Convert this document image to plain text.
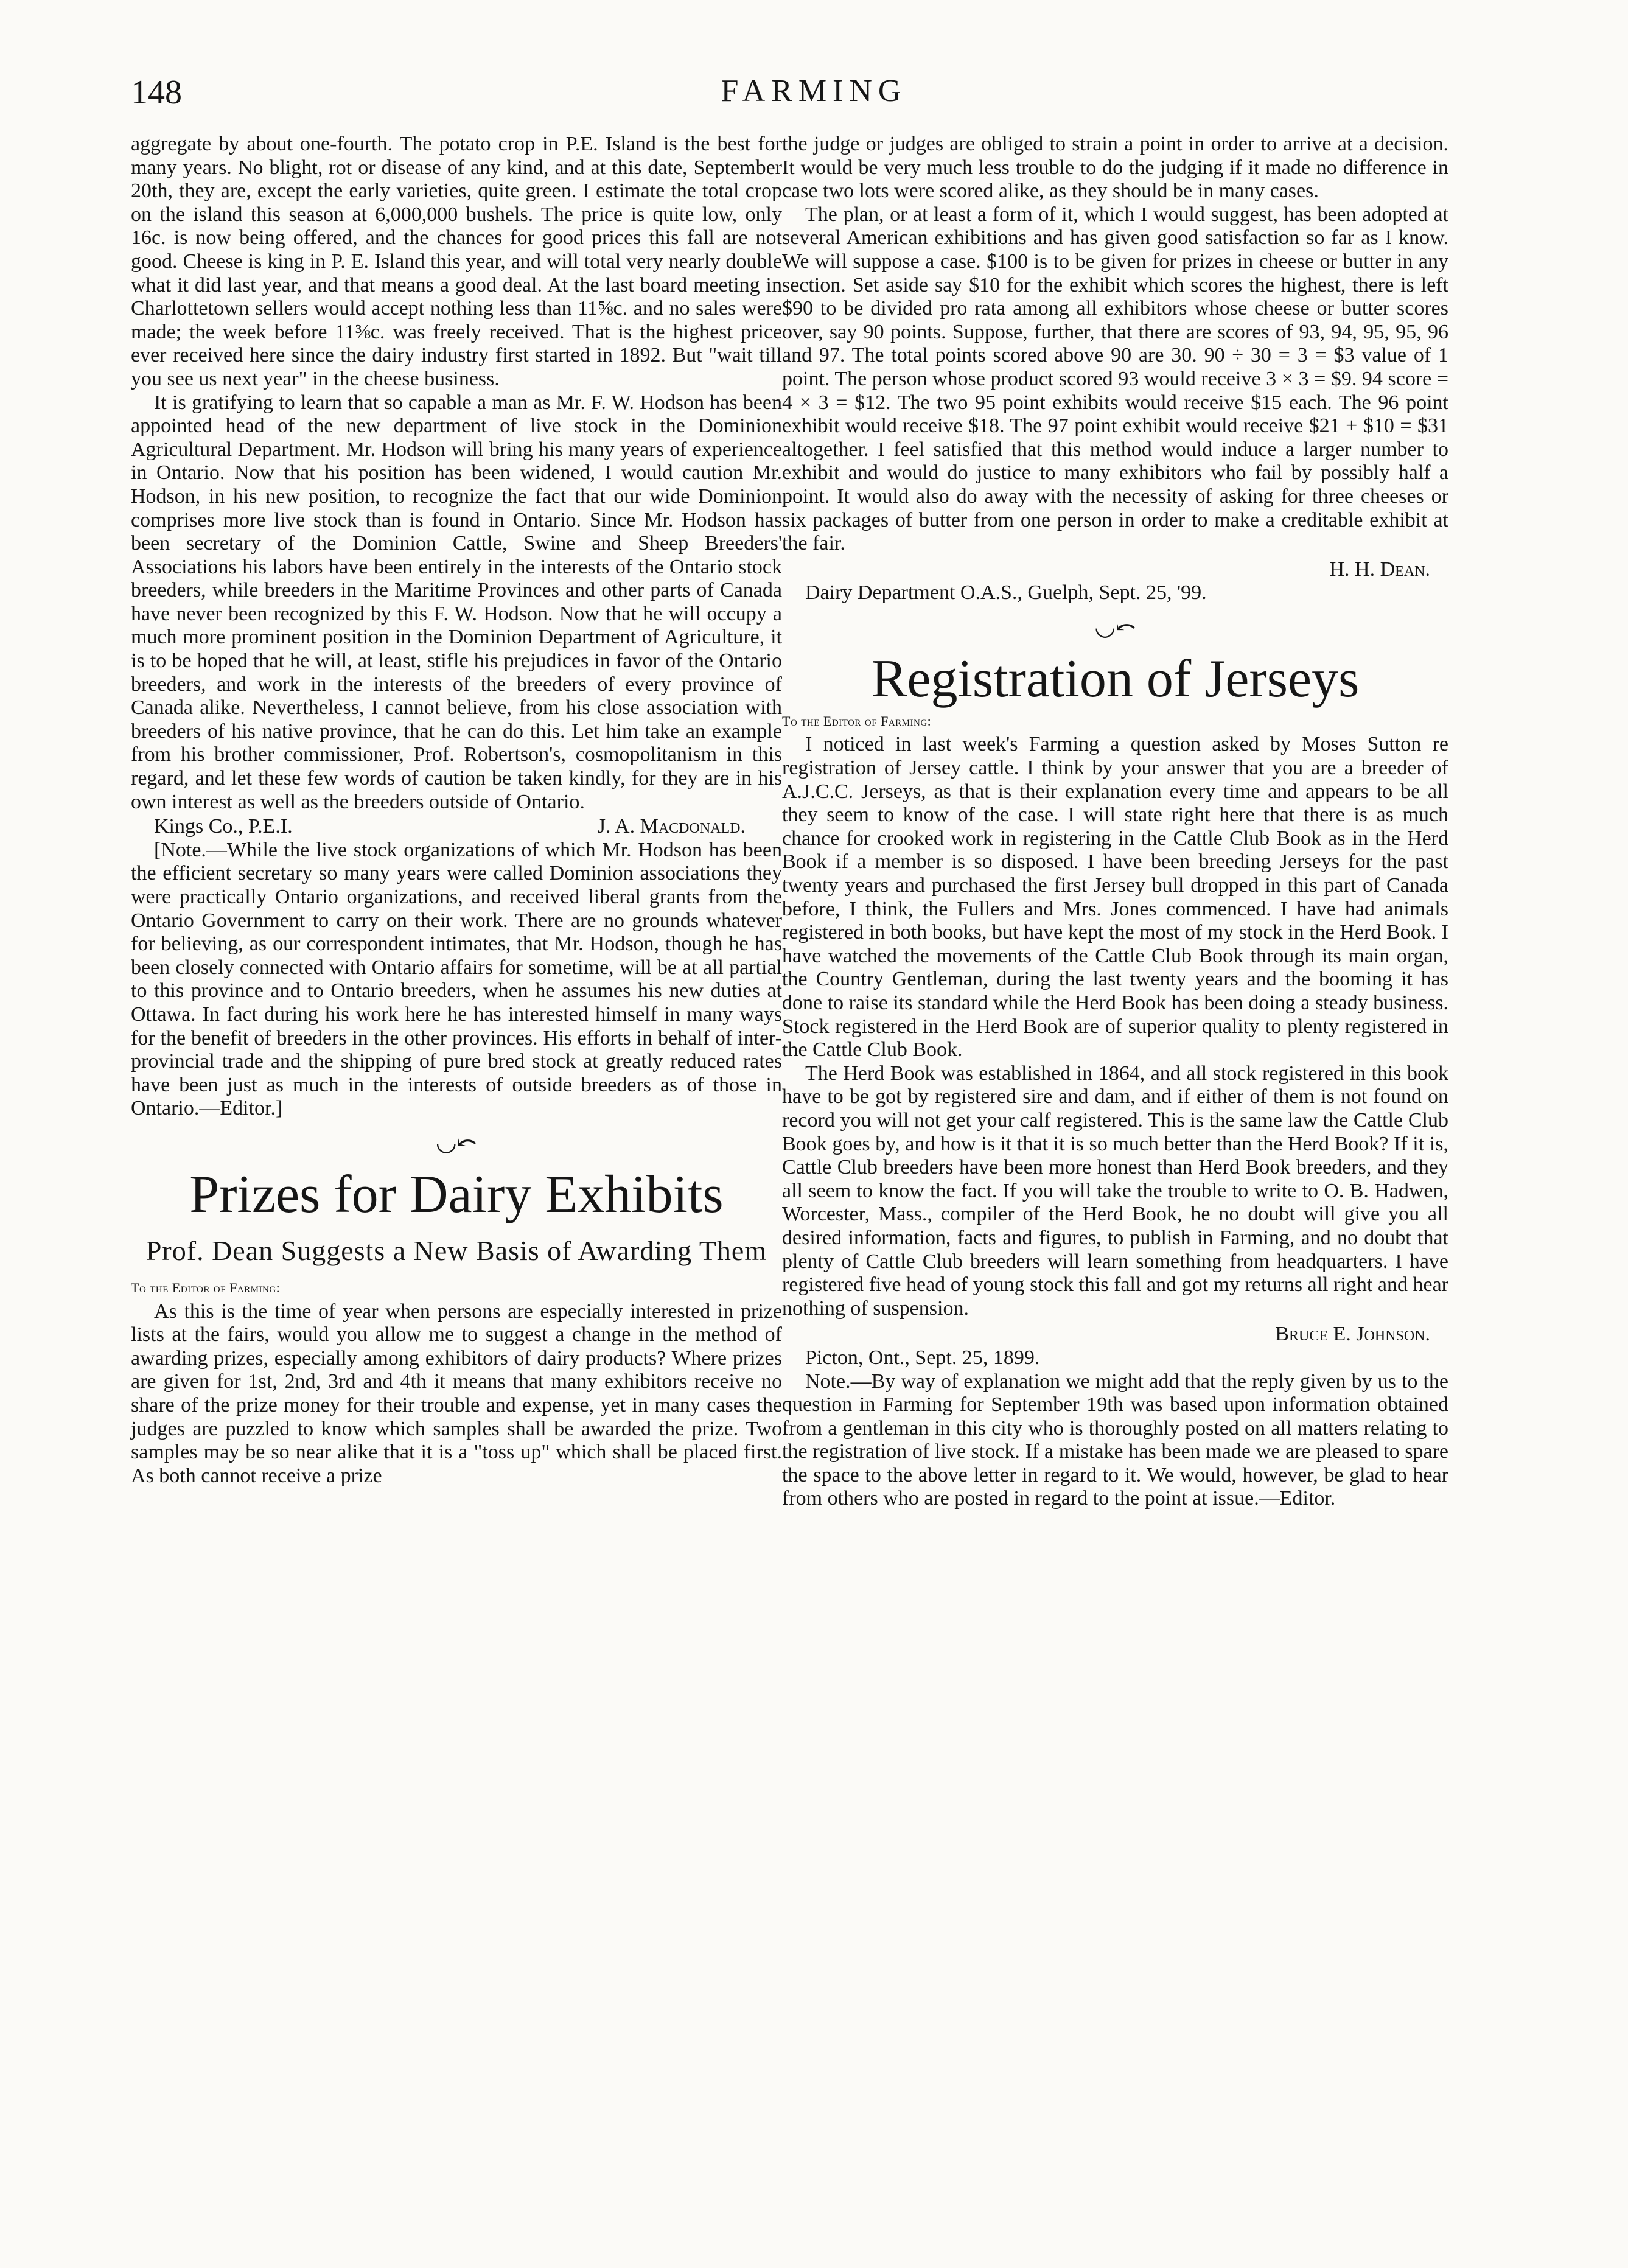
FARMING
148

aggregate by about one-fourth. The potato crop in P.E. Island is the best for many years. No blight, rot or disease of any kind, and at this date, September 20th, they are, except the early varieties, quite green. I estimate the total crop on the island this season at 6,000,000 bushels. The price is quite low, only 16c. is now being offered, and the chances for good prices this fall are not good. Cheese is king in P. E. Island this year, and will total very nearly double what it did last year, and that means a good deal. At the last board meeting in Charlottetown sellers would accept nothing less than 11⅝c. and no sales were made; the week before 11⅜c. was freely received. That is the highest price ever received here since the dairy industry first started in 1892. But "wait till you see us next year" in the cheese business.

It is gratifying to learn that so capable a man as Mr. F. W. Hodson has been appointed head of the new department of live stock in the Dominion Agricultural Department. Mr. Hodson will bring his many years of experience in Ontario. Now that his position has been widened, I would caution Mr. Hodson, in his new position, to recognize the fact that our wide Dominion comprises more live stock than is found in Ontario. Since Mr. Hodson has been secretary of the Dominion Cattle, Swine and Sheep Breeders' Associations his labors have been entirely in the interests of the Ontario stock breeders, while breeders in the Maritime Provinces and other parts of Canada have never been recognized by this F. W. Hodson. Now that he will occupy a much more prominent position in the Dominion Department of Agriculture, it is to be hoped that he will, at least, stifle his prejudices in favor of the Ontario breeders, and work in the interests of the breeders of every province of Canada alike. Nevertheless, I cannot believe, from his close association with breeders of his native province, that he can do this. Let him take an example from his brother commissioner, Prof. Robertson's, cosmopolitanism in this regard, and let these few words of caution be taken kindly, for they are in his own interest as well as the breeders outside of Ontario.

Kings Co., P.E.I.	J. A. Macdonald.

[Note.—While the live stock organizations of which Mr. Hodson has been the efficient secretary so many years were called Dominion associations they were practically Ontario organizations, and received liberal grants from the Ontario Government to carry on their work. There are no grounds whatever for believing, as our correspondent intimates, that Mr. Hodson, though he has been closely connected with Ontario affairs for sometime, will be at all partial to this province and to Ontario breeders, when he assumes his new duties at Ottawa. In fact during his work here he has interested himself in many ways for the benefit of breeders in the other provinces. His efforts in behalf of inter-provincial trade and the shipping of pure bred stock at greatly reduced rates have been just as much in the interests of outside breeders as of those in Ontario.—Editor.]

◡⤺
Prizes for Dairy Exhibits
Prof. Dean Suggests a New Basis of Awarding Them

To the Editor of Farming:

As this is the time of year when persons are especially interested in prize lists at the fairs, would you allow me to suggest a change in the method of awarding prizes, especially among exhibitors of dairy products? Where prizes are given for 1st, 2nd, 3rd and 4th it means that many exhibitors receive no share of the prize money for their trouble and expense, yet in many cases the judges are puzzled to know which samples shall be awarded the prize. Two samples may be so near alike that it is a "toss up" which shall be placed first. As both cannot receive a prize

the judge or judges are obliged to strain a point in order to arrive at a decision. It would be very much less trouble to do the judging if it made no difference in case two lots were scored alike, as they should be in many cases.

The plan, or at least a form of it, which I would suggest, has been adopted at several American exhibitions and has given good satisfaction so far as I know. We will suppose a case. $100 is to be given for prizes in cheese or butter in any section. Set aside say $10 for the exhibit which scores the highest, there is left $90 to be divided pro rata among all exhibitors whose cheese or butter scores over, say 90 points. Suppose, further, that there are scores of 93, 94, 95, 95, 96 and 97. The total points scored above 90 are 30. 90 ÷ 30 = 3 = $3 value of 1 point. The person whose product scored 93 would receive 3 × 3 = $9. 94 score = 4 × 3 = $12. The two 95 point exhibits would receive $15 each. The 96 point exhibit would receive $18. The 97 point exhibit would receive $21 + $10 = $31 altogether. I feel satisfied that this method would induce a larger number to exhibit and would do justice to many exhibitors who fail by possibly half a point. It would also do away with the necessity of asking for three cheeses or six packages of butter from one person in order to make a creditable exhibit at the fair.

H. H. Dean.
Dairy Department O.A.S., Guelph, Sept. 25, '99.
◡⤺
Registration of Jerseys

To the Editor of Farming:

I noticed in last week's Farming a question asked by Moses Sutton re registration of Jersey cattle. I think by your answer that you are a breeder of A.J.C.C. Jerseys, as that is their explanation every time and appears to be all they seem to know of the case. I will state right here that there is as much chance for crooked work in registering in the Cattle Club Book as in the Herd Book if a member is so disposed. I have been breeding Jerseys for the past twenty years and purchased the first Jersey bull dropped in this part of Canada before, I think, the Fullers and Mrs. Jones commenced. I have had animals registered in both books, but have kept the most of my stock in the Herd Book. I have watched the movements of the Cattle Club Book through its main organ, the Country Gentleman, during the last twenty years and the booming it has done to raise its standard while the Herd Book has been doing a steady business. Stock registered in the Herd Book are of superior quality to plenty registered in the Cattle Club Book.

The Herd Book was established in 1864, and all stock registered in this book have to be got by registered sire and dam, and if either of them is not found on record you will not get your calf registered. This is the same law the Cattle Club Book goes by, and how is it that it is so much better than the Herd Book? If it is, Cattle Club breeders have been more honest than Herd Book breeders, and they all seem to know the fact. If you will take the trouble to write to O. B. Hadwen, Worcester, Mass., compiler of the Herd Book, he no doubt will give you all desired information, facts and figures, to publish in Farming, and no doubt that plenty of Cattle Club breeders will learn something from headquarters. I have registered five head of young stock this fall and got my returns all right and hear nothing of suspension.

Bruce E. Johnson.
Picton, Ont., Sept. 25, 1899.

Note.—By way of explanation we might add that the reply given by us to the question in Farming for September 19th was based upon information obtained from a gentleman in this city who is thoroughly posted on all matters relating to the registration of live stock. If a mistake has been made we are pleased to spare the space to the above letter in regard to it. We would, however, be glad to hear from others who are posted in regard to the point at issue.—Editor.
